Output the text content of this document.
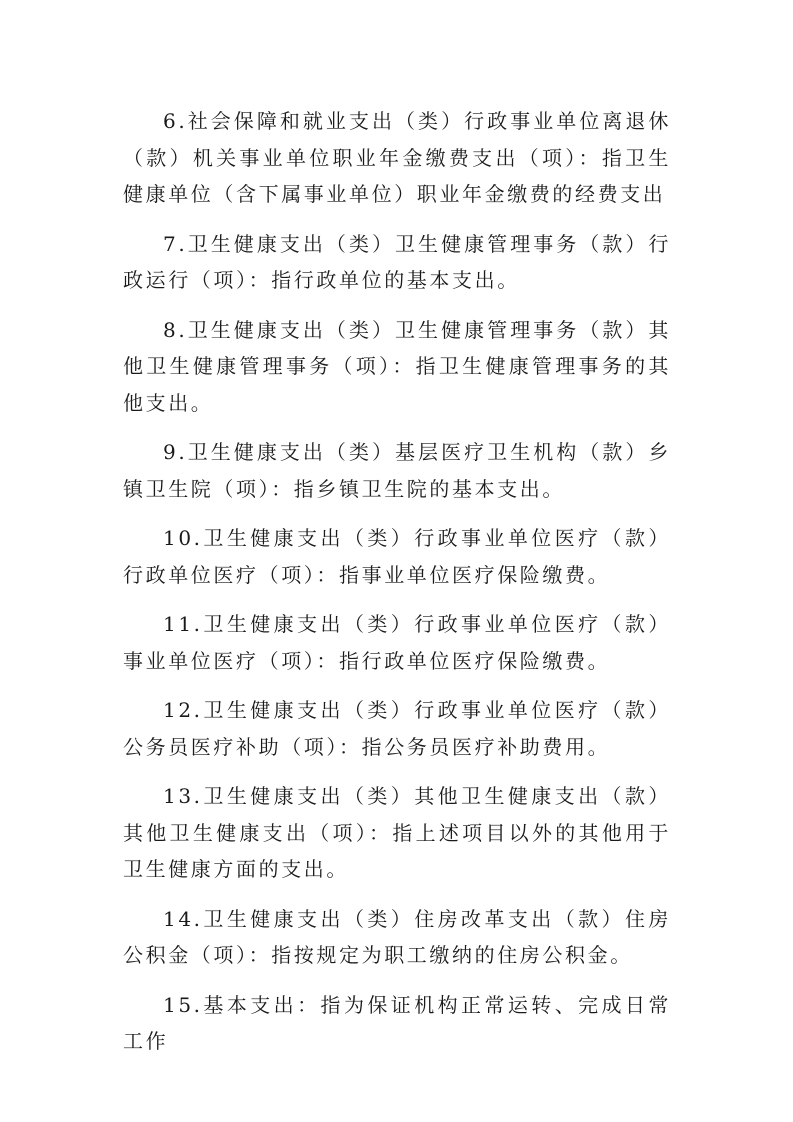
6.社会保障和就业支出（类）行政事业单位离退休（款）机关事业单位职业年金缴费支出（项）：指卫生健康单位（含下属事业单位）职业年金缴费的经费支出

7.卫生健康支出（类）卫生健康管理事务（款）行政运行（项）：指行政单位的基本支出。

8.卫生健康支出（类）卫生健康管理事务（款）其他卫生健康管理事务（项）：指卫生健康管理事务的其他支出。

9.卫生健康支出（类）基层医疗卫生机构（款）乡镇卫生院（项）：指乡镇卫生院的基本支出。

10.卫生健康支出（类）行政事业单位医疗（款）行政单位医疗（项）：指事业单位医疗保险缴费。

11.卫生健康支出（类）行政事业单位医疗（款）事业单位医疗（项）：指行政单位医疗保险缴费。

12.卫生健康支出（类）行政事业单位医疗（款）公务员医疗补助（项）：指公务员医疗补助费用。

13.卫生健康支出（类）其他卫生健康支出（款）其他卫生健康支出（项）：指上述项目以外的其他用于卫生健康方面的支出。

14.卫生健康支出（类）住房改革支出（款）住房公积金（项）：指按规定为职工缴纳的住房公积金。

15.基本支出：指为保证机构正常运转、完成日常工作
